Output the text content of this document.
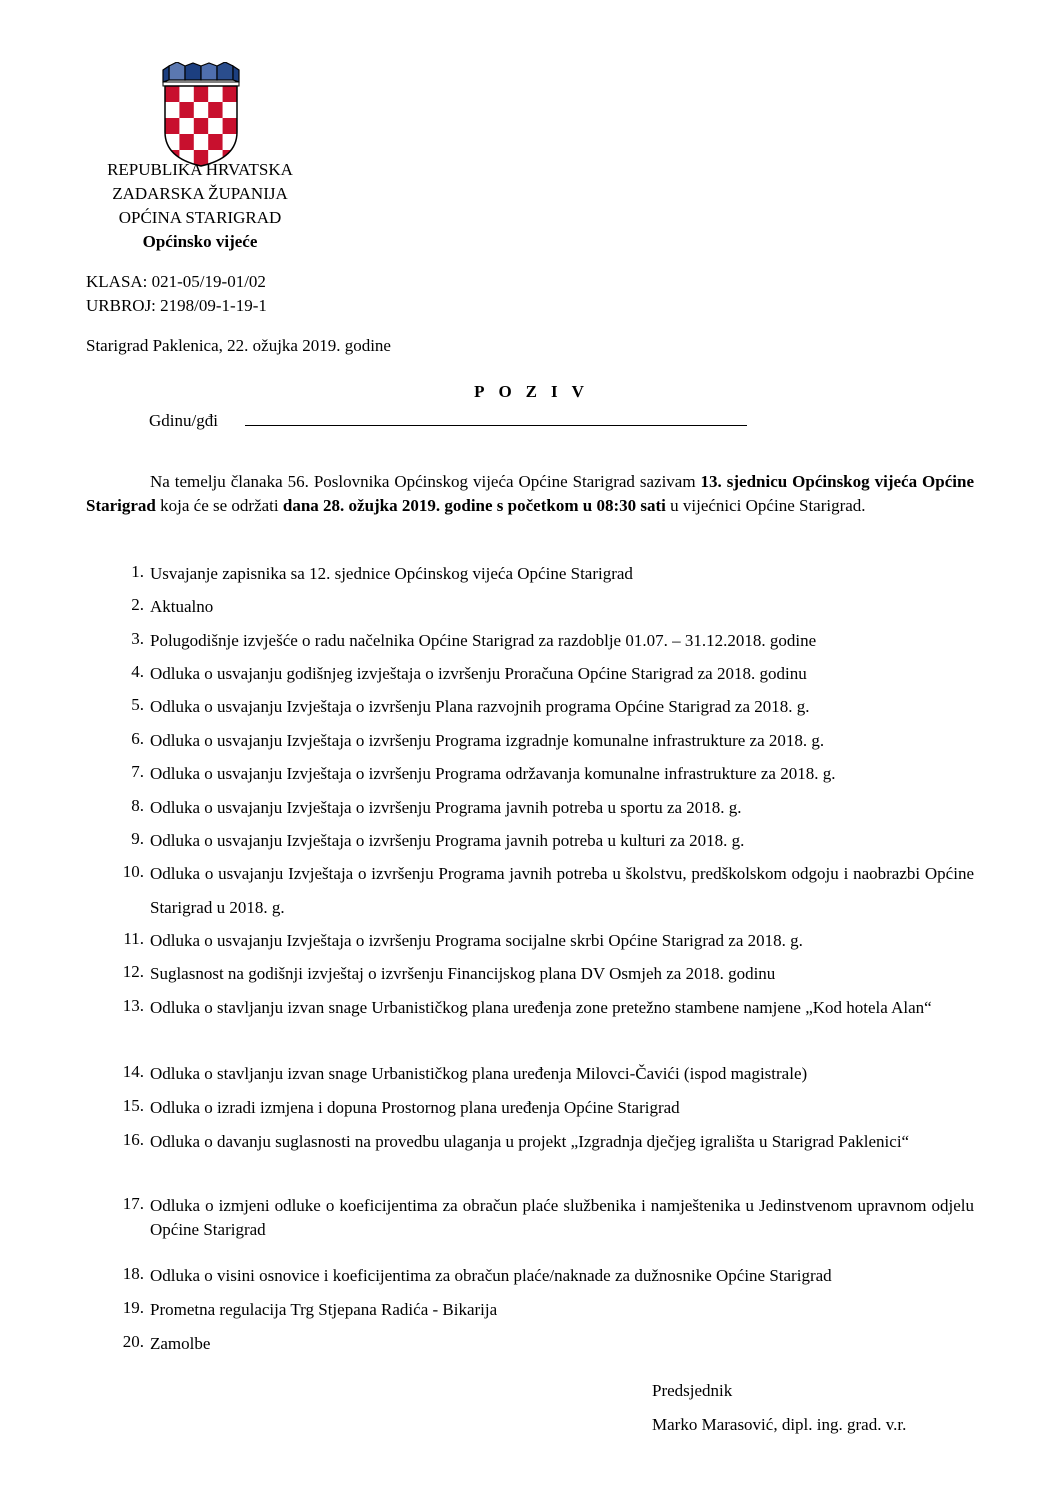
REPUBLIKA HRVATSKA
ZADARSKA ŽUPANIJA
OPĆINA STARIGRAD
Općinsko vijeće
KLASA: 021-05/19-01/02
URBROJ: 2198/09-1-19-1
Starigrad Paklenica, 22. ožujka 2019. godine
POZIV
Gdinu/gđi
Na temelju članaka 56. Poslovnika Općinskog vijeća Općine Starigrad sazivam 13. sjednicu Općinskog vijeća Općine Starigrad koja će se održati dana 28. ožujka 2019. godine s početkom u 08:30 sati u vijećnici Općine Starigrad.
1. Usvajanje zapisnika sa 12. sjednice Općinskog vijeća Općine Starigrad
2. Aktualno
3. Polugodišnje izvješće o radu načelnika Općine Starigrad za razdoblje 01.07. – 31.12.2018. godine
4. Odluka o usvajanju godišnjeg izvještaja o izvršenju Proračuna Općine Starigrad za 2018. godinu
5. Odluka o usvajanju Izvještaja o izvršenju Plana razvojnih programa Općine Starigrad za 2018. g.
6. Odluka o usvajanju Izvještaja o izvršenju Programa izgradnje komunalne infrastrukture za 2018. g.
7. Odluka o usvajanju Izvještaja o izvršenju Programa održavanja komunalne infrastrukture za 2018. g.
8. Odluka o usvajanju Izvještaja o izvršenju Programa javnih potreba u sportu za 2018. g.
9. Odluka o usvajanju Izvještaja o izvršenju Programa javnih potreba u kulturi za 2018. g.
10. Odluka o usvajanju Izvještaja o izvršenju Programa javnih potreba u školstvu, predškolskom odgoju i naobrazbi Općine Starigrad u 2018. g.
11. Odluka o usvajanju Izvještaja o izvršenju Programa socijalne skrbi Općine Starigrad za 2018. g.
12. Suglasnost na godišnji izvještaj o izvršenju Financijskog plana DV Osmjeh za 2018. godinu
13. Odluka o stavljanju izvan snage Urbanističkog plana uređenja zone pretežno stambene namjene „Kod hotela Alan“
14. Odluka o stavljanju izvan snage Urbanističkog plana uređenja Milovci-Čavići (ispod magistrale)
15. Odluka o izradi izmjena i dopuna Prostornog plana uređenja Općine Starigrad
16. Odluka o davanju suglasnosti na provedbu ulaganja u projekt „Izgradnja dječjeg igrališta u Starigrad Paklenici“
17. Odluka o izmjeni odluke o koeficijentima za obračun plaće službenika i namještenika u Jedinstvenom upravnom odjelu Općine Starigrad
18. Odluka o visini osnovice i koeficijentima za obračun plaće/naknade za dužnosnike Općine Starigrad
19. Prometna regulacija Trg Stjepana Radića - Bikarija
20. Zamolbe
Predsjednik
Marko Marasović, dipl. ing. grad. v.r.
